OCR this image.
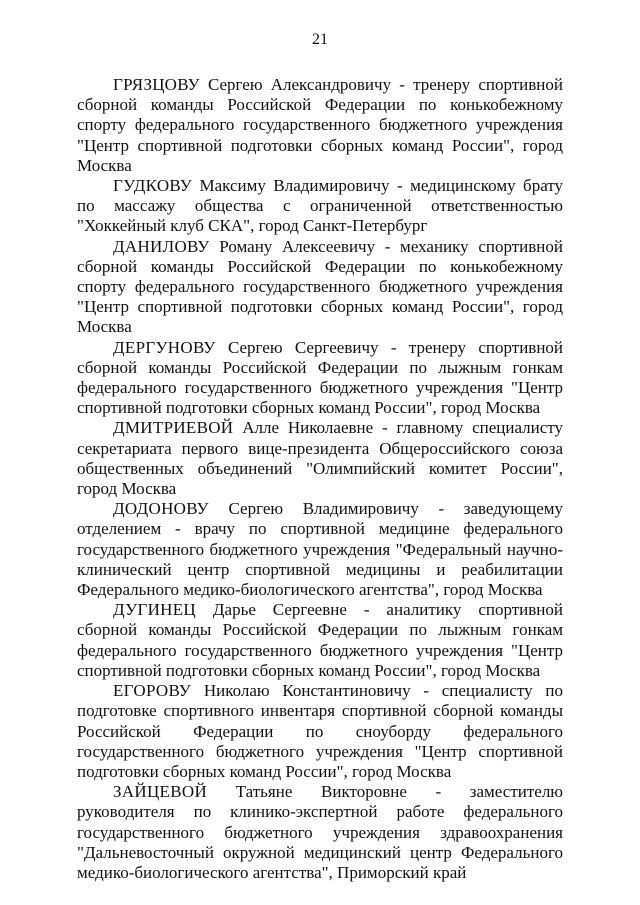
21

ГРЯЗЦОВУ Сергею Александровичу - тренеру спортивной сборной команды Российской Федерации по конькобежному спорту федерального государственного бюджетного учреждения "Центр спортивной подготовки сборных команд России", город Москва

ГУДКОВУ Максиму Владимировичу - медицинскому брату по массажу общества с ограниченной ответственностью "Хоккейный клуб СКА", город Санкт-Петербург

ДАНИЛОВУ Роману Алексеевичу - механику спортивной сборной команды Российской Федерации по конькобежному спорту федерального государственного бюджетного учреждения "Центр спортивной подготовки сборных команд России", город Москва

ДЕРГУНОВУ Сергею Сергеевичу - тренеру спортивной сборной команды Российской Федерации по лыжным гонкам федерального государственного бюджетного учреждения "Центр спортивной подготовки сборных команд России", город Москва

ДМИТРИЕВОЙ Алле Николаевне - главному специалисту секретариата первого вице-президента Общероссийского союза общественных объединений "Олимпийский комитет России", город Москва

ДОДОНОВУ Сергею Владимировичу - заведующему отделением - врачу по спортивной медицине федерального государственного бюджетного учреждения "Федеральный научно-клинический центр спортивной медицины и реабилитации Федерального медико-биологического агентства", город Москва

ДУГИНЕЦ Дарье Сергеевне - аналитику спортивной сборной команды Российской Федерации по лыжным гонкам федерального государственного бюджетного учреждения "Центр спортивной подготовки сборных команд России", город Москва

ЕГОРОВУ Николаю Константиновичу - специалисту по подготовке спортивного инвентаря спортивной сборной команды Российской Федерации по сноуборду федерального государственного бюджетного учреждения "Центр спортивной подготовки сборных команд России", город Москва

ЗАЙЦЕВОЙ Татьяне Викторовне - заместителю руководителя по клинико-экспертной работе федерального государственного бюджетного учреждения здравоохранения "Дальневосточный окружной медицинский центр Федерального медико-биологического агентства", Приморский край
